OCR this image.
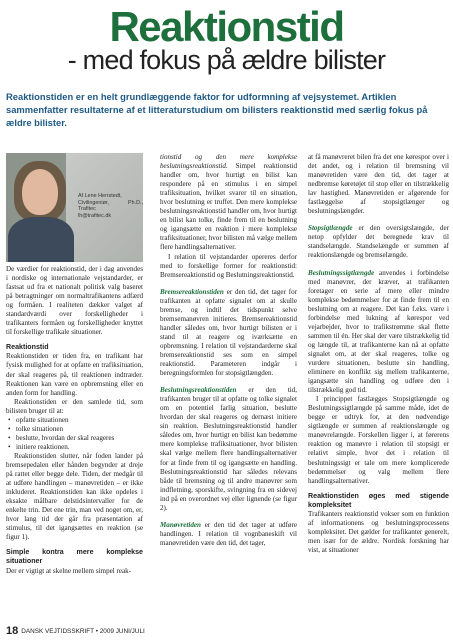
Reaktionstid
- med fokus på ældre bilister
Reaktionstiden er en helt grundlæggende faktor for udformning af vejsystemet. Artiklen sammenfatter resultaterne af et litteraturstudium om bilisters reaktionstid med særlig fokus på ældre bilister.
Af Lene Herrstedt,
Civilingeniør, Ph.D., Trafitec
lh@trafitec.dk

De værdier for reaktionstid, der i dag anvendes i nordiske og internationale vejstandarder, er fastsat ud fra et nationalt politisk valg baseret på betragtninger om normaltrafikantens adfærd og formåen. I realiteten dækker valget af standardværdi over forskelligheder i trafikanters formåen og forskelligheder knyttet til forskellige trafikale situationer.

Reaktionstid

Reaktionstiden er tiden fra, en trafikant har fysisk mulighed for at opfatte en trafiksituation, der skal reageres på, til reaktionen indtræder. Reaktionen kan være en opbremsning eller en anden form for handling.

Reaktionstiden er den samlede tid, som bilisten bruger til at:

• opfatte situationen
• tolke situationen
• beslutte, hvordan der skal reageres
• initiere reaktionen.

Reaktionstiden slutter, når foden lander på bremsepedalen eller hånden begynder at dreje på rattet eller begge dele. Tiden, der medgår til at udføre handlingen – manøvretiden – er ikke inkluderet. Reaktionstiden kan ikke opdeles i eksakte målbare delstidsintervaller for de enkelte trin. Det ene trin, man ved noget om, er, hvor lang tid der går fra præsentation af stimulus, til det igangsættes en reaktion (se figur 1).

Simple kontra mere komplekse situationer

Der er vigtigt at skelne mellem simpel reak-

tionstid og den mere komplekse beslutningsreaktionstid. Simpel reaktionstid handler om, hvor hurtigt en bilist kan respondere på en stimulus i en simpel trafiksituation, hvilket svarer til en situation, hvor beslutning er truffet. Den mere komplekse beslutningsreaktionstid handler om, hvor hurtigt en bilist kan tolke, finde frem til en beslutning og igangsætte en reaktion i mere komplekse trafiksituationer, hvor bilisten må vælge mellem flere handlingsalternativer.

I relation til vejstandarder opereres derfor med to forskellige former for reaktionstid: Bremsereaktionstid og Beslutningsreaktionstid.

Bremsereaktionstiden er den tid, det tager for trafikanten at opfatte signalet om at skulle bremse, og indtil det tidspunkt selve bremsemanøvren initieres. Bremsereaktionstid handler således om, hvor hurtigt bilisten er i stand til at reagere og iværksætte en opbremsning. I relation til vejstandarderne skal bremsereaktionstid ses som en simpel reaktionstid. Parameteren indgår i beregningsformlen for stopsigtlængden.

Beslutningsreaktionstiden er den tid, trafikanten bruger til at opfatte og tolke signalet om en potentiel farlig situation, beslutte hvordan der skal reageres og dernæst initiere sin reaktion. Beslutningsreaktionstid handler således om, hvor hurtigt en bilist kan bedømme mere komplekse trafiksituationer, hvor bilisten skal vælge mellem flere handlingsalternativer for at finde frem til og igangsætte en handling. Beslutningsreaktionstid har således relevans både til bremsning og til andre manøvrer som indfletning, sporskifte, svingning fra en sidevej ind på en overordnet vej eller lignende (se figur 2).

Manøvretiden er den tid det tager at udføre handlingen. I relation til vognbaneskift vil manøvretiden være den tid, det tager,

at få manøvreret bilen fra det ene kørespor over i det andet, og i relation til bremsning vil manøvretiden være den tid, det tager at nedbremse køretøjet til stop eller en tilstrækkelig lav hastighed. Manøvretiden er afgørende for fastlæggelse af stopsigtlænger og beslutningslængder.

Stopsigtlængde er den oversigtslængde, der netop opfylder det beregnede krav til standselængde. Standselængde er summen af reaktionslængde og bremselængde.

Beslutningssigtlængde anvendes i forbindelse med manøvrer, der kræver, at trafikanten foretager en serie af mere eller mindre komplekse bedømmelser for at finde frem til en beslutning om at reagere. Det kan f.eks. være i forbindelse med lukning af kørespor ved vejarbejder, hvor to trafikstrømme skal flette sammen til én. Her skal der være tilstrækkelig tid og længde til, at trafikanterne kan nå at opfatte signalet om, at der skal reageres, tolke og vurdere situationen, beslutte sin handling, eliminere en konflikt sig mellem trafikanterne, igangsætte sin handling og udføre den i tilstrækkelig god tid.

I princippet fastlægges Stopsigtlængde og Beslutningssigtlængde på samme måde, idet de begge er udtryk for, at den nødvendige sigtlængde er summen af reaktionslængde og manøvrelængde. Forskellen ligger i, at førerens reaktion og manøvre i relation til stopsigt er relativt simple, hvor det i relation til beslutningssigt er tale om mere komplicerede bedømmelser og valg mellem flere handlingsalternativer.

Reaktionstiden øges med stigende kompleksitet

Trafikanters reaktionstid vokser som en funktion af informationens og beslutningsprocessens kompleksitet. Det gælder for trafikanter generelt, men især for de ældre. Nordisk forskning har vist, at situationer

18 DANSK VEJTIDSSKRIFT • 2009 JUNI/JULI
